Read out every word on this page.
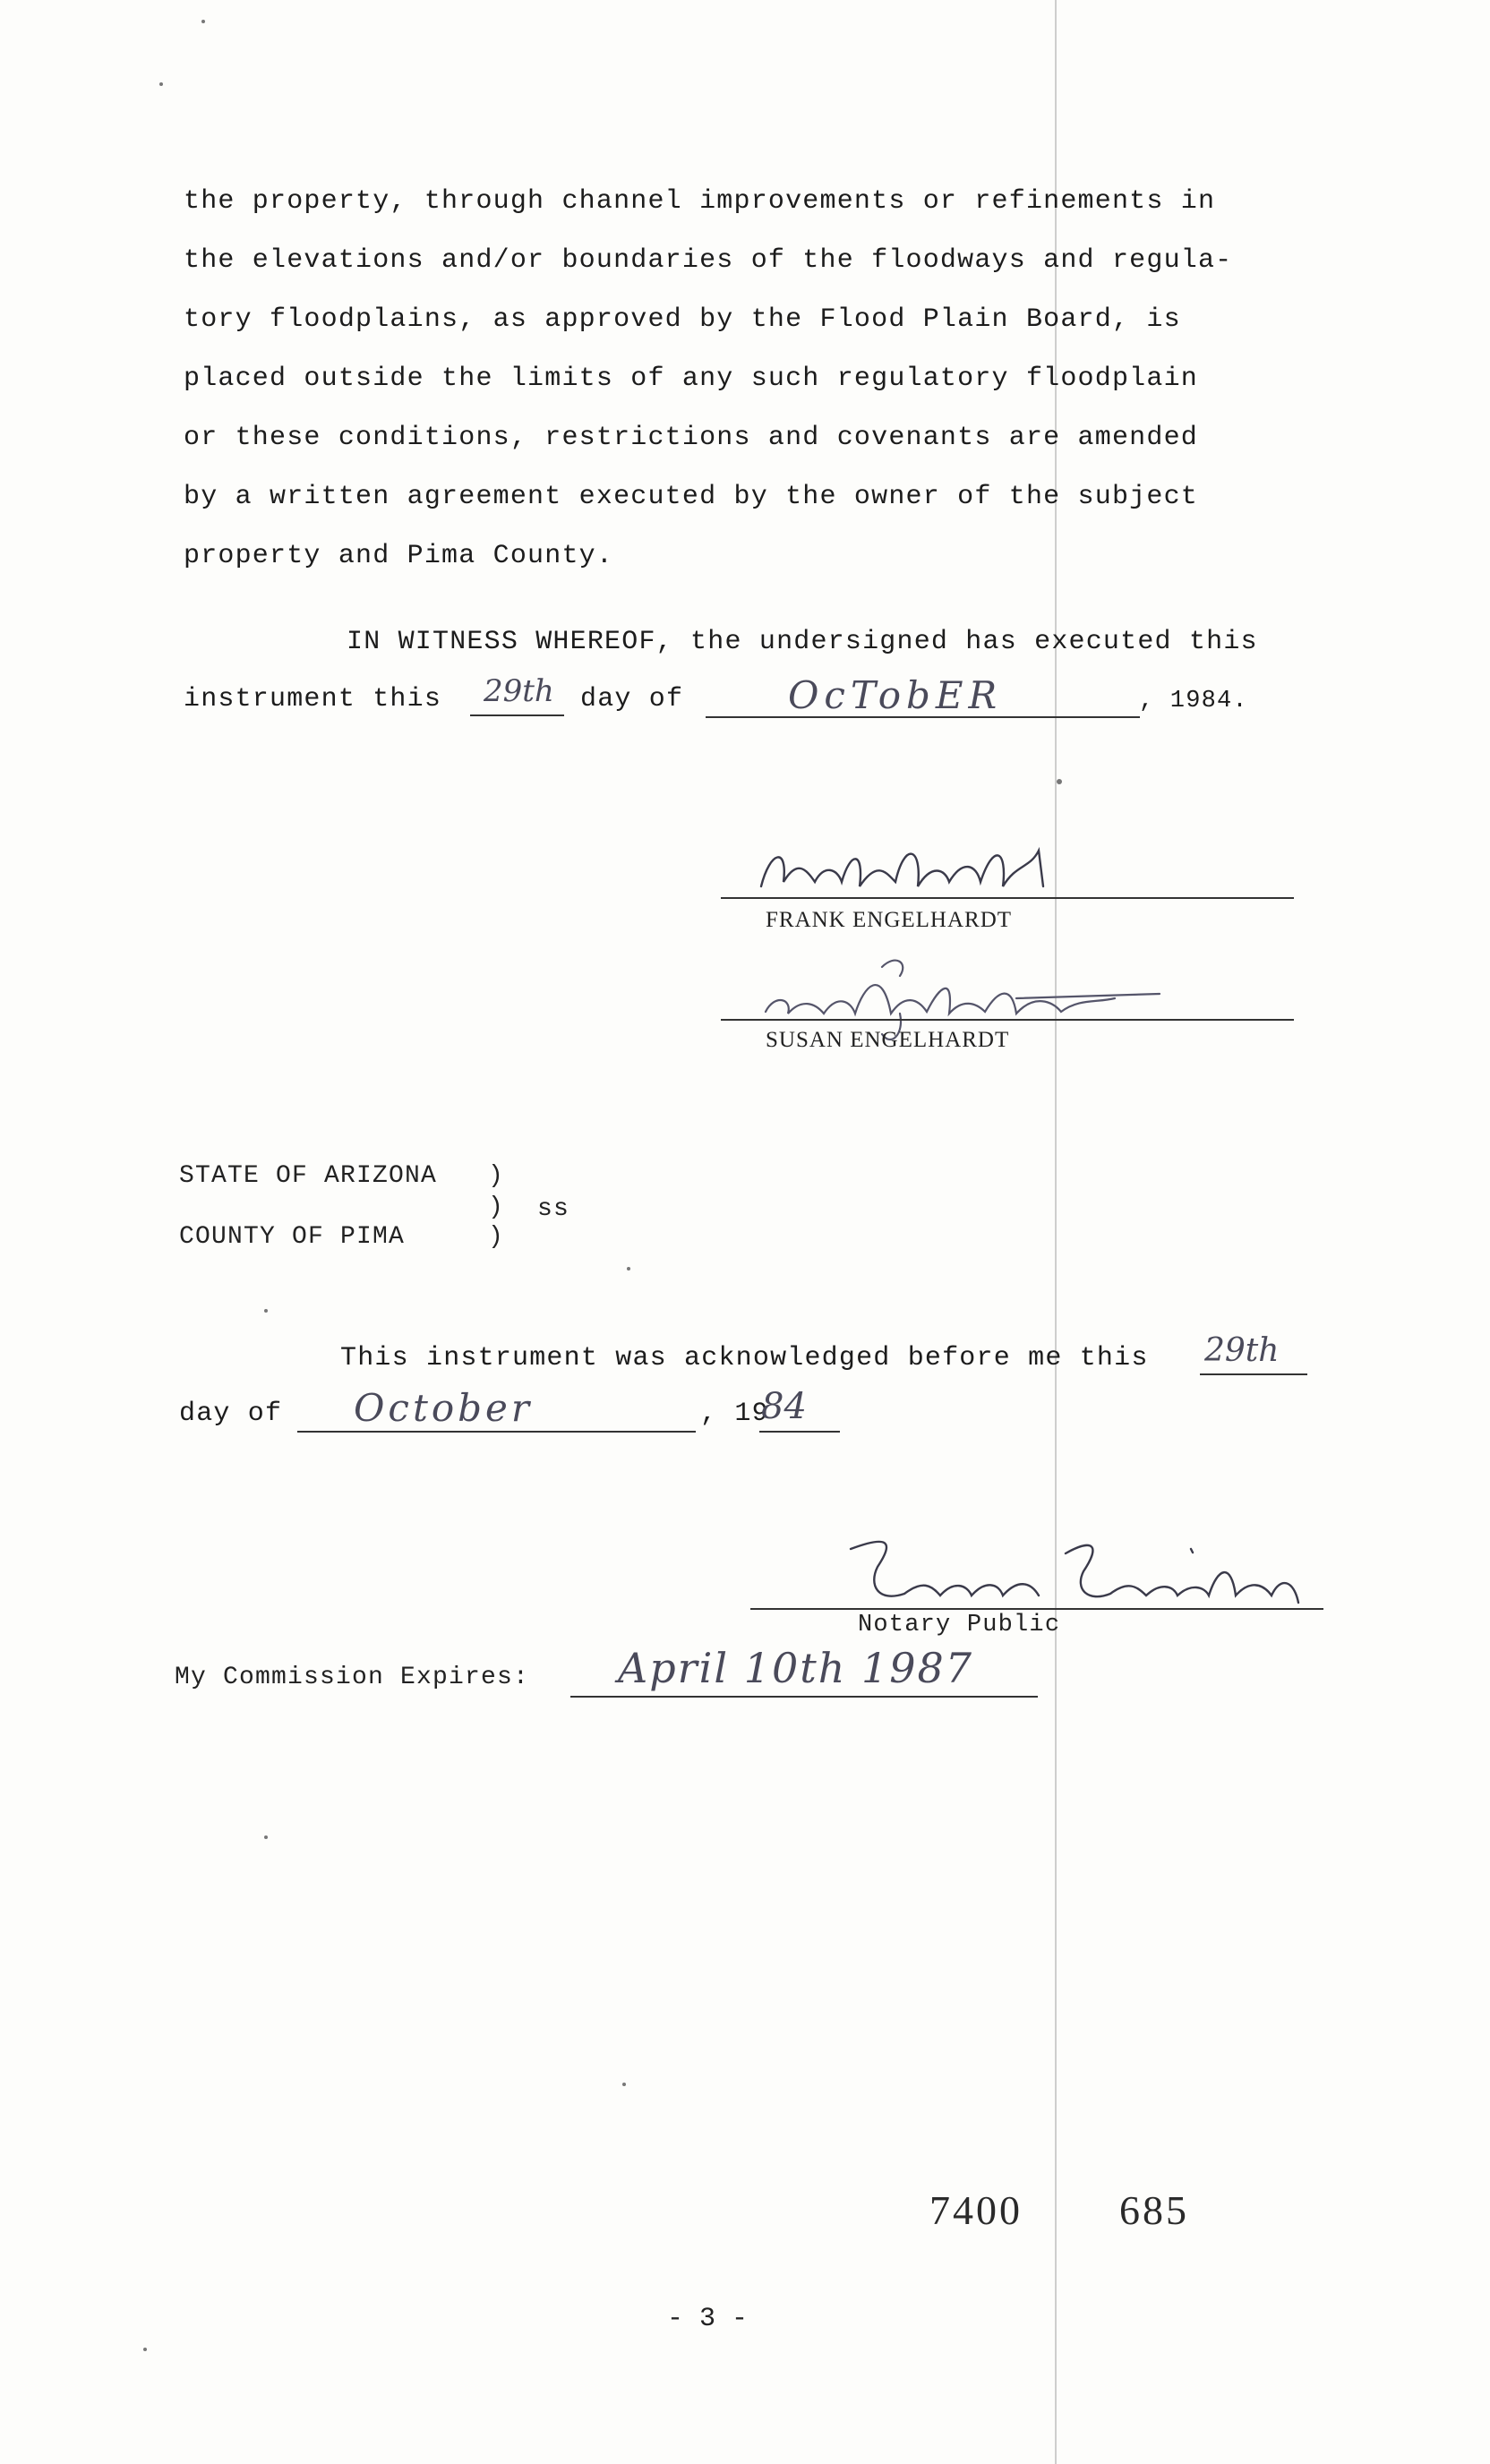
the property, through channel improvements or refinements in
the elevations and/or boundaries of the floodways and regula-
tory floodplains, as approved by the Flood Plain Board, is
placed outside the limits of any such regulatory floodplain
or these conditions, restrictions and covenants are amended
by a written agreement executed by the owner of the subject
property and Pima County.
IN WITNESS WHEREOF, the undersigned has executed this
instrument this 29th day of	OcTobER	, 1984.
FRANK ENGELHARDT
SUSAN ENGELHARDT
STATE OF ARIZONA )
) ss
COUNTY OF PIMA	)
This instrument was acknowledged before me this 29th
day of October	, 19
84
Notary Public
My Commission Expires: April 10th 1987
7400 685
- 3 -
